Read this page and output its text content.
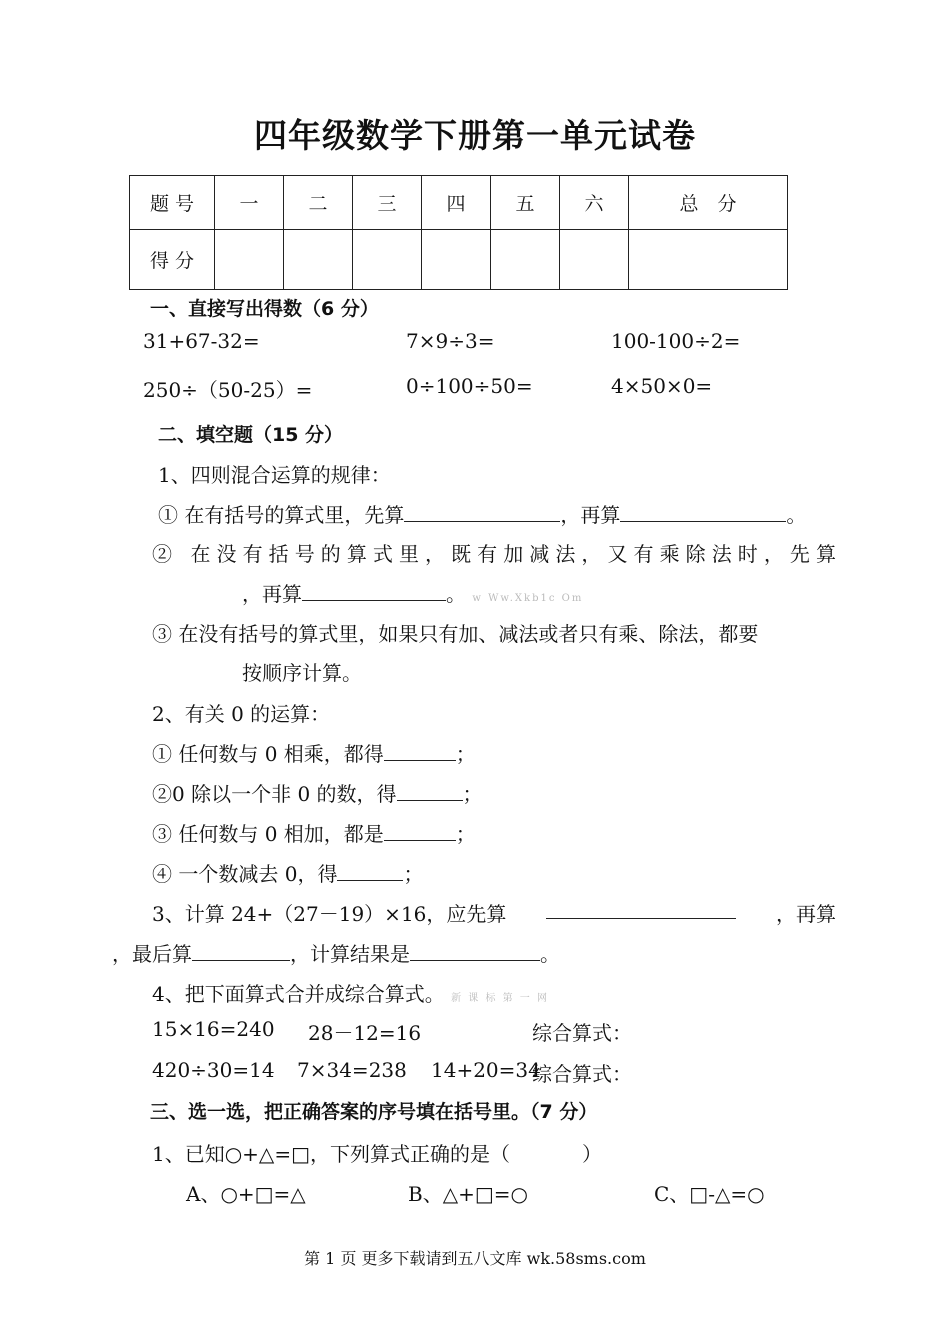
四年级数学下册第一单元试卷
题 号	一	二	三	四	五	六	总　分
得 分							
一、直接写出得数（6 分）
31+67-32=	7×9÷3=	100-100÷2=
250÷（50-25）=	0÷100÷50=	4×50×0=
二、填空题（15 分）
1、四则混合运算的规律：
① 在有括号的算式里，先算	，再算	。
② 在没有括号的算式里，既有加减法，又有乘除法时，先算
，再算	。 w Ww.Xkb1c Om
③ 在没有括号的算式里，如果只有加、减法或者只有乘、除法，都要
按顺序计算。
2、有关 0 的运算：
① 任何数与 0 相乘，都得	；
②0 除以一个非 0 的数，得	；
③ 任何数与 0 相加，都是	；
④ 一个数减去 0，得	；
3、计算 24+（27－19）×16，应先算	，再算
，最后算	，计算结果是	。
4、把下面算式合并成综合算式。 新 课 标 第 一 网
15×16=240 28－12=16	综合算式：
420÷30=14 7×34=238 14+20=34
综合算式：
三、选一选，把正确答案的序号填在括号里。（7 分）
1、已知○+△=□，下列算式正确的是（	）
A、○+□=△	B、△+□=○	C、□-△=○
第 1 页 更多下载请到五八文库 wk.58sms.com
